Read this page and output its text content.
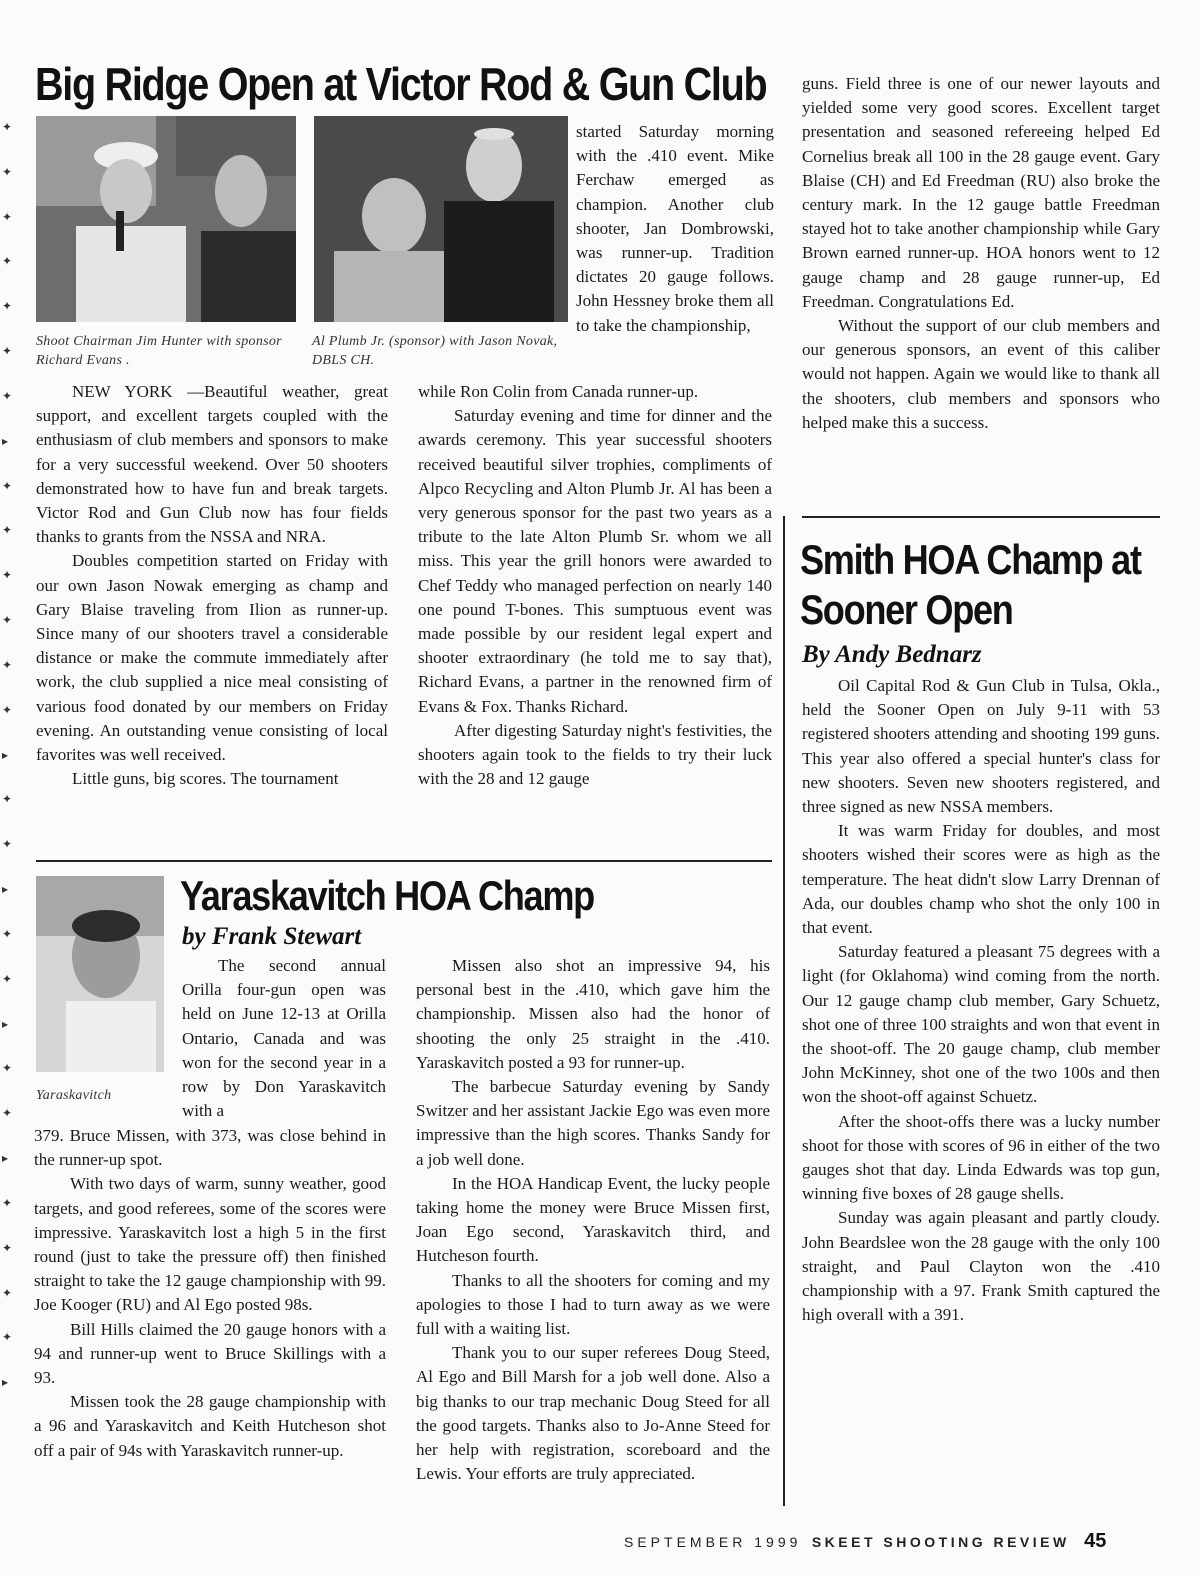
Big Ridge Open at Victor Rod & Gun Club
Shoot Chairman Jim Hunter with sponsor Richard Evans .
Al Plumb Jr. (sponsor) with Jason Novak, DBLS CH.

started Saturday morning with the .410 event. Mike Ferchaw emerged as champion. Another club shooter, Jan Dombrowski, was runner-up. Tradition dictates 20 gauge follows. John Hessney broke them all to take the championship,

NEW YORK —Beautiful weather, great support, and excellent targets coupled with the enthusiasm of club members and sponsors to make for a very successful weekend. Over 50 shooters demonstrated how to have fun and break targets. Victor Rod and Gun Club now has four fields thanks to grants from the NSSA and NRA.

Doubles competition started on Friday with our own Jason Nowak emerging as champ and Gary Blaise traveling from Ilion as runner-up. Since many of our shooters travel a considerable distance or make the commute immediately after work, the club supplied a nice meal consisting of various food donated by our members on Friday evening. An outstanding venue consisting of local favorites was well received.

Little guns, big scores. The tournament

while Ron Colin from Canada runner-up.

Saturday evening and time for dinner and the awards ceremony. This year successful shooters received beautiful silver trophies, compliments of Alpco Recycling and Alton Plumb Jr. Al has been a very generous sponsor for the past two years as a tribute to the late Alton Plumb Sr. whom we all miss. This year the grill honors were awarded to Chef Teddy who managed perfection on nearly 140 one pound T-bones. This sumptuous event was made possible by our resident legal expert and shooter extraordinary (he told me to say that), Richard Evans, a partner in the renowned firm of Evans & Fox. Thanks Richard.

After digesting Saturday night's festivities, the shooters again took to the fields to try their luck with the 28 and 12 gauge

guns. Field three is one of our newer layouts and yielded some very good scores. Excellent target presentation and seasoned refereeing helped Ed Cornelius break all 100 in the 28 gauge event. Gary Blaise (CH) and Ed Freedman (RU) also broke the century mark. In the 12 gauge battle Freedman stayed hot to take another championship while Gary Brown earned runner-up. HOA honors went to 12 gauge champ and 28 gauge runner-up, Ed Freedman. Congratulations Ed.

Without the support of our club members and our generous sponsors, an event of this caliber would not happen. Again we would like to thank all the shooters, club members and sponsors who helped make this a success.

Smith HOA Champ at
Sooner Open
By Andy Bednarz

Oil Capital Rod & Gun Club in Tulsa, Okla., held the Sooner Open on July 9-11 with 53 registered shooters attending and shooting 199 guns. This year also offered a special hunter's class for new shooters. Seven new shooters registered, and three signed as new NSSA members.

It was warm Friday for doubles, and most shooters wished their scores were as high as the temperature. The heat didn't slow Larry Drennan of Ada, our doubles champ who shot the only 100 in that event.

Saturday featured a pleasant 75 degrees with a light (for Oklahoma) wind coming from the north. Our 12 gauge champ club member, Gary Schuetz, shot one of three 100 straights and won that event in the shoot-off. The 20 gauge champ, club member John McKinney, shot one of the two 100s and then won the shoot-off against Schuetz.

After the shoot-offs there was a lucky number shoot for those with scores of 96 in either of the two gauges shot that day. Linda Edwards was top gun, winning five boxes of 28 gauge shells.

Sunday was again pleasant and partly cloudy. John Beardslee won the 28 gauge with the only 100 straight, and Paul Clayton won the .410 championship with a 97. Frank Smith captured the high overall with a 391.

Yaraskavitch
Yaraskavitch HOA Champ
by Frank Stewart

The second annual Orilla four-gun open was held on June 12-13 at Orilla Ontario, Canada and was won for the second year in a row by Don Yaraskavitch with a

379. Bruce Missen, with 373, was close behind in the runner-up spot.

With two days of warm, sunny weather, good targets, and good referees, some of the scores were impressive. Yaraskavitch lost a high 5 in the first round (just to take the pressure off) then finished straight to take the 12 gauge championship with 99. Joe Kooger (RU) and Al Ego posted 98s.

Bill Hills claimed the 20 gauge honors with a 94 and runner-up went to Bruce Skillings with a 93.

Missen took the 28 gauge championship with a 96 and Yaraskavitch and Keith Hutcheson shot off a pair of 94s with Yaraskavitch runner-up.

Missen also shot an impressive 94, his personal best in the .410, which gave him the championship. Missen also had the honor of shooting the only 25 straight in the .410. Yaraskavitch posted a 93 for runner-up.

The barbecue Saturday evening by Sandy Switzer and her assistant Jackie Ego was even more impressive than the high scores. Thanks Sandy for a job well done.

In the HOA Handicap Event, the lucky people taking home the money were Bruce Missen first, Joan Ego second, Yaraskavitch third, and Hutcheson fourth.

Thanks to all the shooters for coming and my apologies to those I had to turn away as we were full with a waiting list.

Thank you to our super referees Doug Steed, Al Ego and Bill Marsh for a job well done. Also a big thanks to our trap mechanic Doug Steed for all the good targets. Thanks also to Jo-Anne Steed for her help with registration, scoreboard and the Lewis. Your efforts are truly appreciated.

SEPTEMBER 1999 SKEET SHOOTING REVIEW 45
✦
✦
✦
✦
✦
✦
✦
▸
✦
✦
✦
✦
✦
✦
▸
✦
✦
▸
✦
✦
▸
✦
✦
▸
✦
✦
✦
✦
▸
